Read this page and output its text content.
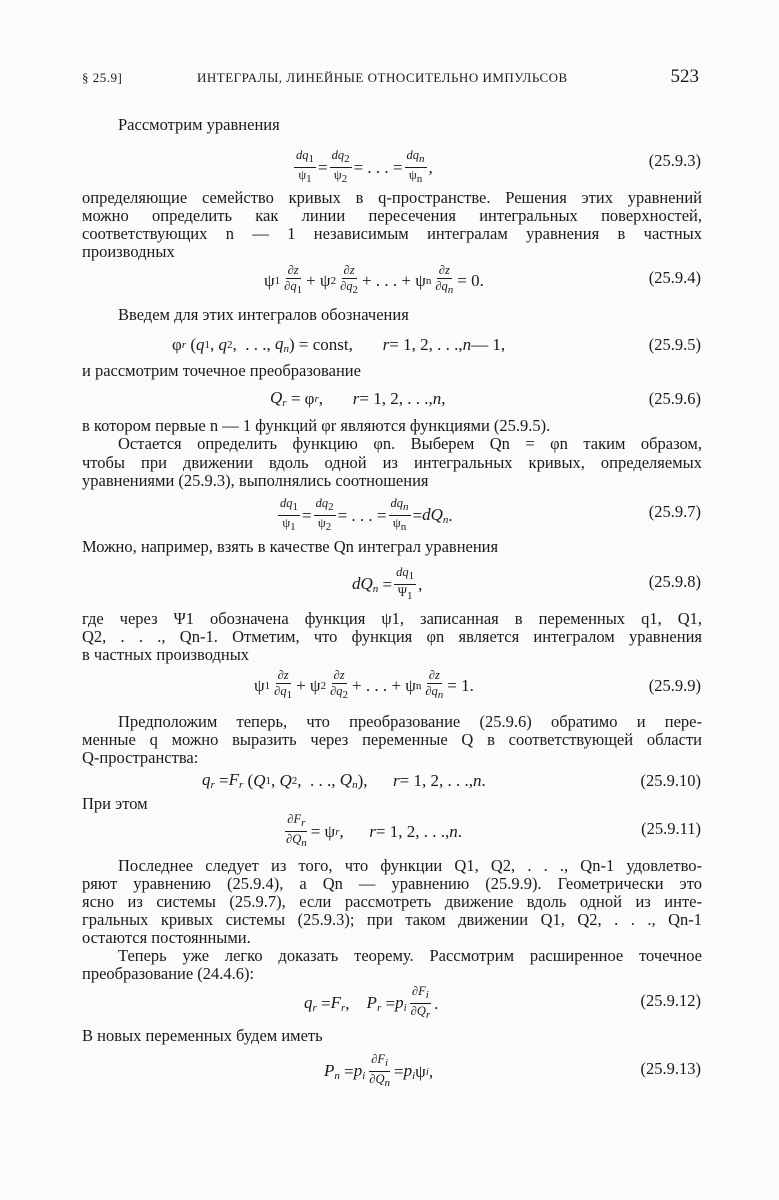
§ 25.9]	ИНТЕГРАЛЫ, ЛИНЕЙНЫЕ ОТНОСИТЕЛЬНО ИМПУЛЬСОВ	523
Рассмотрим уравнения
$\frac{dq_1}{\psi_1} = \frac{dq_2}{\psi_2}$ = . . . = $\frac{dq_n}{\psi_n}$ ,	(25.9.3)
определяющие семейство кривых в q-пространстве. Решения этих уравнений
можно определить как линии пересечения интегральных поверхностей,
соответствующих n — 1 независимым интегралам уравнения в частных
производных
ψ $1 \frac{\partial z}{\partial q_1} + \psi$ $2 \frac{\partial z}{\partial q_2}$ + . . . + ψ n $\frac{\partial z}{\partial q_n} = 0$.	(25.9.4)
Введем для этих интегралов обозначения
φ r ( q 1 , q 2 ,  . . ., $q_n$ ) = const, r = 1, 2, . . ., n — 1,	(25.9.5)
и рассмотрим точечное преобразование
$Q_r = \varphi$ r , r = 1, 2, . . ., n ,	(25.9.6)
в котором первые n — 1 функций φr являются функциями (25.9.5).
Остается определить функцию φn. Выберем Qn = φn таким образом,
чтобы при движении вдоль одной из интегральных кривых, определяемых
уравнениями (25.9.3), выполнялись соотношения
$\frac{dq_1}{\psi_1} = \frac{dq_2}{\psi_2}$ = . . . = $\frac{dq_n}{\psi_n} = dQ_n$ .	(25.9.7)
Можно, например, взять в качестве Qn интеграл уравнения
$dQ_n = \frac{dq_1}{\Psi_1}$ ,	(25.9.8)
где через Ψ1 обозначена функция ψ1, записанная в переменных q1, Q1,
Q2, . . ., Qn-1. Отметим, что функция φn является интегралом уравнения
в частных производных
ψ $1 \frac{\partial z}{\partial q_1} + \psi$ $2 \frac{\partial z}{\partial q_2}$ + . . . + ψ n $\frac{\partial z}{\partial q_n} = 1$.	(25.9.9)
Предположим теперь, что преобразование (25.9.6) обратимо и пере-
менные q можно выразить через переменные Q в соответствующей области
Q-пространства:
$q_r = F_r$ ( Q 1 , Q 2 ,  . . ., $Q_n$ ), r = 1, 2, . . ., n .	(25.9.10)
При этом
$\frac{\partial F_r}{\partial Q_n} = \psi$ r , r = 1, 2, . . ., n .	(25.9.11)
Последнее следует из того, что функции Q1, Q2, . . ., Qn-1 удовлетво-
ряют уравнению (25.9.4), а Qn — уравнению (25.9.9). Геометрически это
ясно из системы (25.9.7), если рассмотреть движение вдоль одной из инте-
гральных кривых системы (25.9.3); при таком движении Q1, Q2, . . ., Qn-1
остаются постоянными.
Теперь уже легко доказать теорему. Рассмотрим расширенное точечное
преобразование (24.4.6):
$q_r = F_r$ , $P_r = p_i \frac{\partial F_i}{\partial Q_r}$ .	(25.9.12)
В новых переменных будем иметь
$P_n = p_i \frac{\partial F_i}{\partial Q_n} = p_i$ ψ i ,	(25.9.13)
